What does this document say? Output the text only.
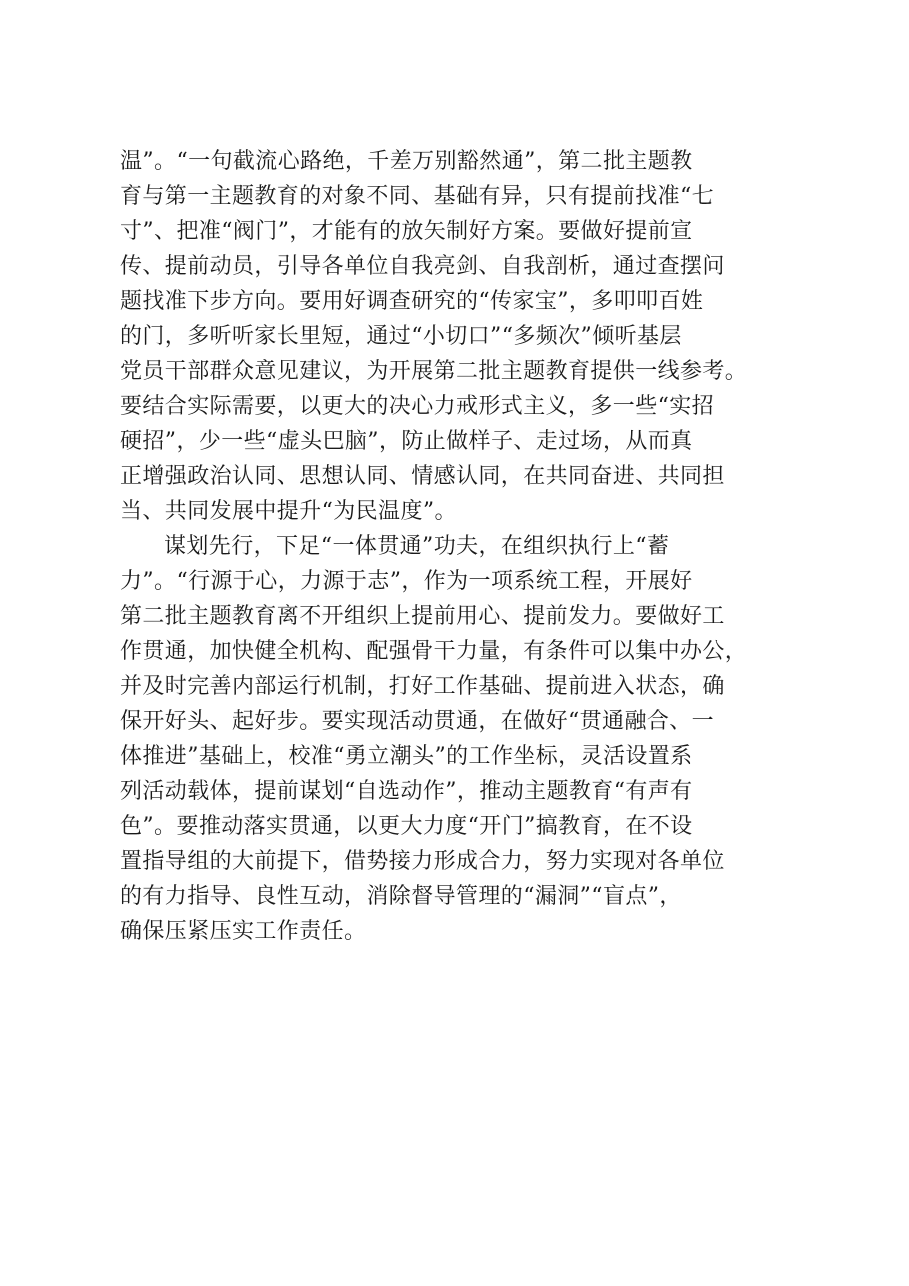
温”。“一句截流心路绝，千差万别豁然通”，第二批主题教
育与第一主题教育的对象不同、基础有异，只有提前找准“七
寸”、把准“阀门”，才能有的放矢制好方案。要做好提前宣
传、提前动员，引导各单位自我亮剑、自我剖析，通过查摆问
题找准下步方向。要用好调查研究的“传家宝”，多叩叩百姓
的门，多听听家长里短，通过“小切口”“多频次”倾听基层
党员干部群众意见建议，为开展第二批主题教育提供一线参考。
要结合实际需要，以更大的决心力戒形式主义，多一些“实招
硬招”，少一些“虚头巴脑”，防止做样子、走过场，从而真
正增强政治认同、思想认同、情感认同，在共同奋进、共同担
当、共同发展中提升“为民温度”。
谋划先行，下足“一体贯通”功夫，在组织执行上“蓄
力”。“行源于心，力源于志”，作为一项系统工程，开展好
第二批主题教育离不开组织上提前用心、提前发力。要做好工
作贯通，加快健全机构、配强骨干力量，有条件可以集中办公，
并及时完善内部运行机制，打好工作基础、提前进入状态，确
保开好头、起好步。要实现活动贯通，在做好“贯通融合、一
体推进”基础上，校准“勇立潮头”的工作坐标，灵活设置系
列活动载体，提前谋划“自选动作”，推动主题教育“有声有
色”。要推动落实贯通，以更大力度“开门”搞教育，在不设
置指导组的大前提下，借势接力形成合力，努力实现对各单位
的有力指导、良性互动，消除督导管理的“漏洞”“盲点”，
确保压紧压实工作责任。
